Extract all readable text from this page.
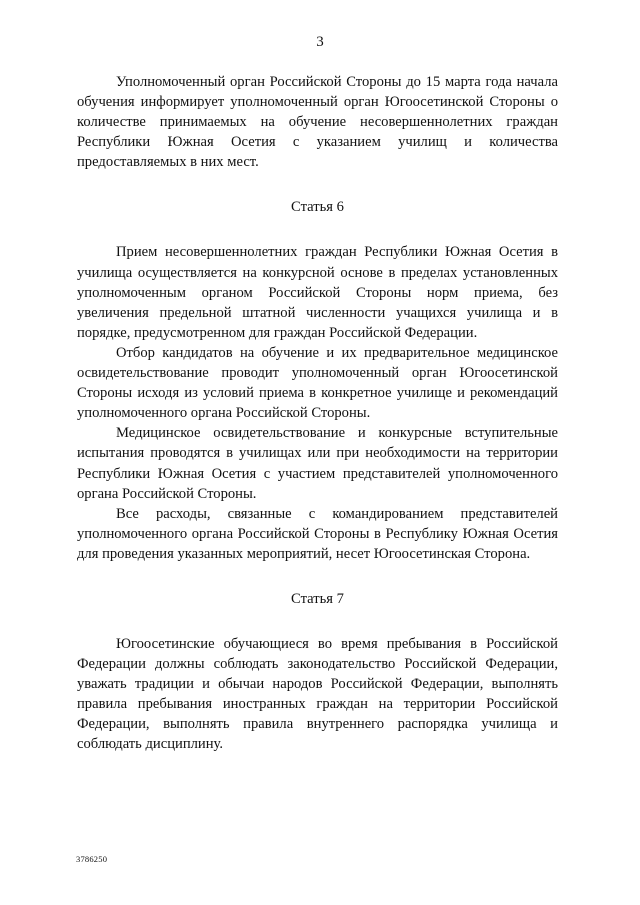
3

Уполномоченный орган Российской Стороны до 15 марта года начала обучения информирует уполномоченный орган Югоосетинской Стороны о количестве принимаемых на обучение несовершеннолетних граждан Республики Южная Осетия с указанием училищ и количества предоставляемых в них мест.

Статья 6

Прием несовершеннолетних граждан Республики Южная Осетия в училища осуществляется на конкурсной основе в пределах установленных уполномоченным органом Российской Стороны норм приема, без увеличения предельной штатной численности учащихся училища и в порядке, предусмотренном для граждан Российской Федерации.

Отбор кандидатов на обучение и их предварительное медицинское освидетельствование проводит уполномоченный орган Югоосетинской Стороны исходя из условий приема в конкретное училище и рекомендаций уполномоченного органа Российской Стороны.

Медицинское освидетельствование и конкурсные вступительные испытания проводятся в училищах или при необходимости на территории Республики Южная Осетия с участием представителей уполномоченного органа Российской Стороны.

Все расходы, связанные с командированием представителей уполномоченного органа Российской Стороны в Республику Южная Осетия для проведения указанных мероприятий, несет Югоосетинская Сторона.

Статья 7

Югоосетинские обучающиеся во время пребывания в Российской Федерации должны соблюдать законодательство Российской Федерации, уважать традиции и обычаи народов Российской Федерации, выполнять правила пребывания иностранных граждан на территории Российской Федерации, выполнять правила внутреннего распорядка училища и соблюдать дисциплину.

3786250
